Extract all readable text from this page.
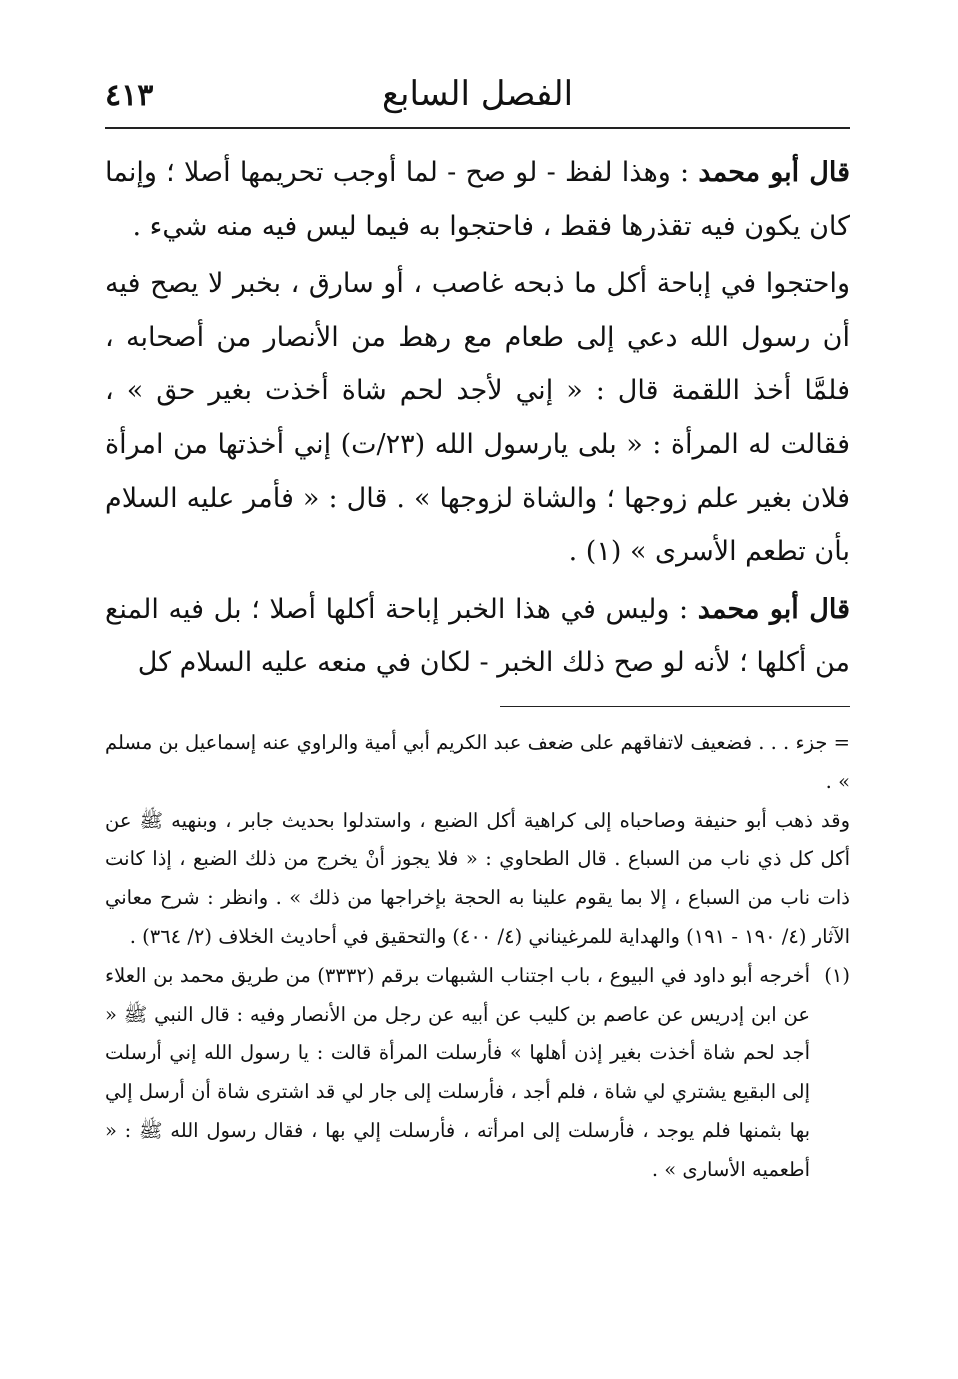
الفصل السابع
٤١٣

قال أبو محمد : وهذا لفظ - لو صح - لما أوجب تحريمها أصلا ؛ وإنما كان يكون فيه تقذرها فقط ، فاحتجوا به فيما ليس فيه منه شيء .

واحتجوا في إباحة أكل ما ذبحه غاصب ، أو سارق ، بخبر لا يصح فيه أن رسول الله دعي إلى طعام مع رهط من الأنصار من أصحابه ، فلمَّا أخذ اللقمة قال : « إني لأجد لحم شاة أخذت بغير حق » ، فقالت له المرأة : « بلى يارسول الله (٢٣/ت) إني أخذتها من امرأة فلان بغير علم زوجها ؛ والشاة لزوجها » . قال : « فأمر عليه السلام بأن تطعم الأسرى » (١) .

قال أبو محمد : وليس في هذا الخبر إباحة أكلها أصلا ؛ بل فيه المنع من أكلها ؛ لأنه لو صح ذلك الخبر - لكان في منعه عليه السلام كل

= جزء . . . فضعيف لاتفاقهم على ضعف عبد الكريم أبي أمية والراوي عنه إسماعيل بن مسلم » .

وقد ذهب أبو حنيفة وصاحباه إلى كراهية أكل الضبع ، واستدلوا بحديث جابر ، وبنهيه ﷺ عن أكل كل ذي ناب من السباع . قال الطحاوي : « فلا يجوز أنْ يخرج من ذلك الضبع ، إذا كانت ذات ناب من السباع ، إلا بما يقوم علينا به الحجة بإخراجها من ذلك » . وانظر : شرح معاني الآثار (٤/ ١٩٠ - ١٩١) والهداية للمرغيناني (٤/ ٤٠٠) والتحقيق في أحاديث الخلاف (٢/ ٣٦٤) .

(١)
أخرجه أبو داود في البيوع ، باب اجتناب الشبهات برقم (٣٣٣٢) من طريق محمد بن العلاء عن ابن إدريس عن عاصم بن كليب عن أبيه عن رجل من الأنصار وفيه : قال النبي ﷺ « أجد لحم شاة أخذت بغير إذن أهلها » فأرسلت المرأة قالت : يا رسول الله إني أرسلت إلى البقيع يشتري لي شاة ، فلم أجد ، فأرسلت إلى جار لي قد اشترى شاة أن أرسل إلي بها بثمنها فلم يوجد ، فأرسلت إلى امرأته ، فأرسلت إلي بها ، فقال رسول الله ﷺ : « أطعميه الأسارى » .
